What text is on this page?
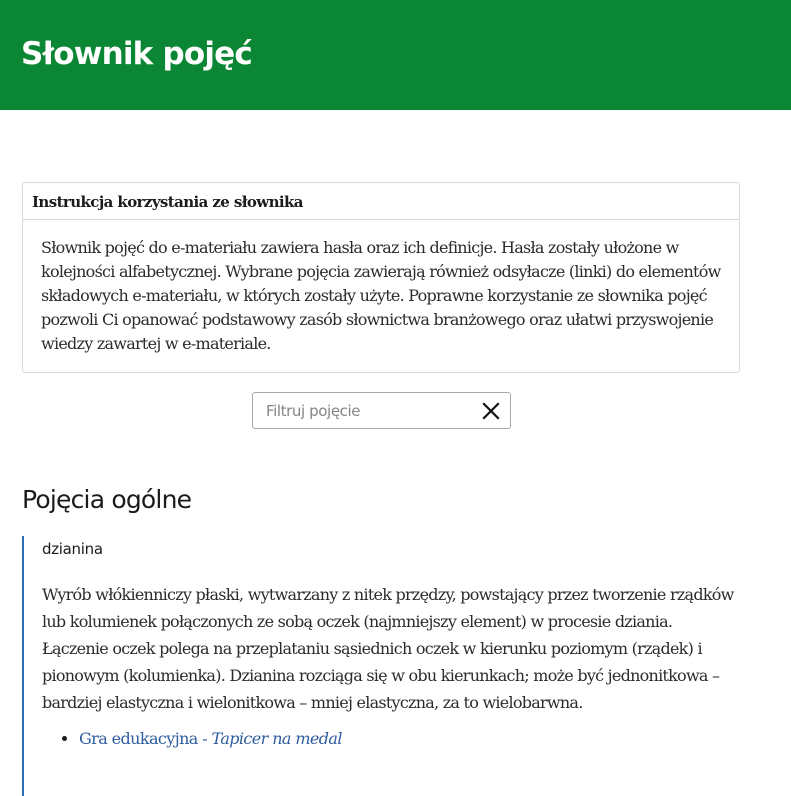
Słownik pojęć
Instrukcja korzystania ze słownika

Słownik pojęć do e-materiału zawiera hasła oraz ich definicje. Hasła zostały ułożone w kolejności alfabetycznej. Wybrane pojęcia zawierają również odsyłacze (linki) do elementów składowych e-materiału, w których zostały użyte. Poprawne korzystanie ze słownika pojęć pozwoli Ci opanować podstawowy zasób słownictwa branżowego oraz ułatwi przyswojenie wiedzy zawartej w e-materiale.

Filtruj pojęcie
Pojęcia ogólne
dzianina

Wyrób włókienniczy płaski, wytwarzany z nitek przędzy, powstający przez tworzenie rządków lub kolumienek połączonych ze sobą oczek (najmniejszy element) w procesie dziania. Łączenie oczek polega na przeplataniu sąsiednich oczek w kierunku poziomym (rządek) i pionowym (kolumienka). Dzianina rozciąga się w obu kierunkach; może być jednonitkowa – bardziej elastyczna i wielonitkowa – mniej elastyczna, za to wielobarwna.

• Gra edukacyjna - Tapicer na medal
